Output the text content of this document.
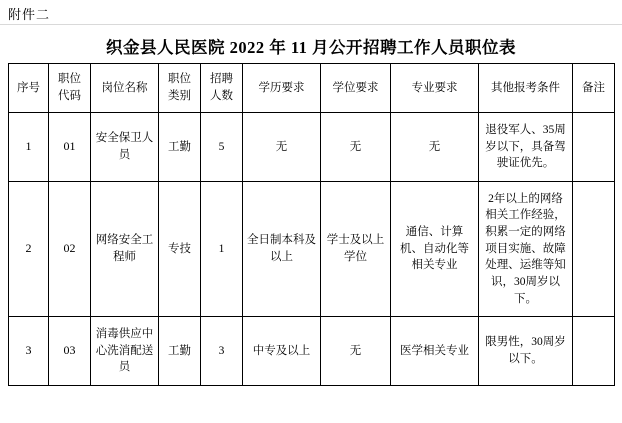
附件二
织金县人民医院 2022 年 11 月公开招聘工作人员职位表
序号	职位代码	岗位名称	职位类别	招聘人数	学历要求	学位要求	专业要求	其他报考条件	备注
1	01	安全保卫人员	工勤	5	无	无	无	退役军人、35周岁以下，具备驾驶证优先。	
2	02	网络安全工程师	专技	1	全日制本科及以上	学士及以上学位	通信、计算机、自动化等相关专业	2年以上的网络相关工作经验，积累一定的网络项目实施、故障处理、运维等知识，30周岁以下。	
3	03	消毒供应中心洗消配送员	工勤	3	中专及以上	无	医学相关专业	限男性，30周岁以下。	
